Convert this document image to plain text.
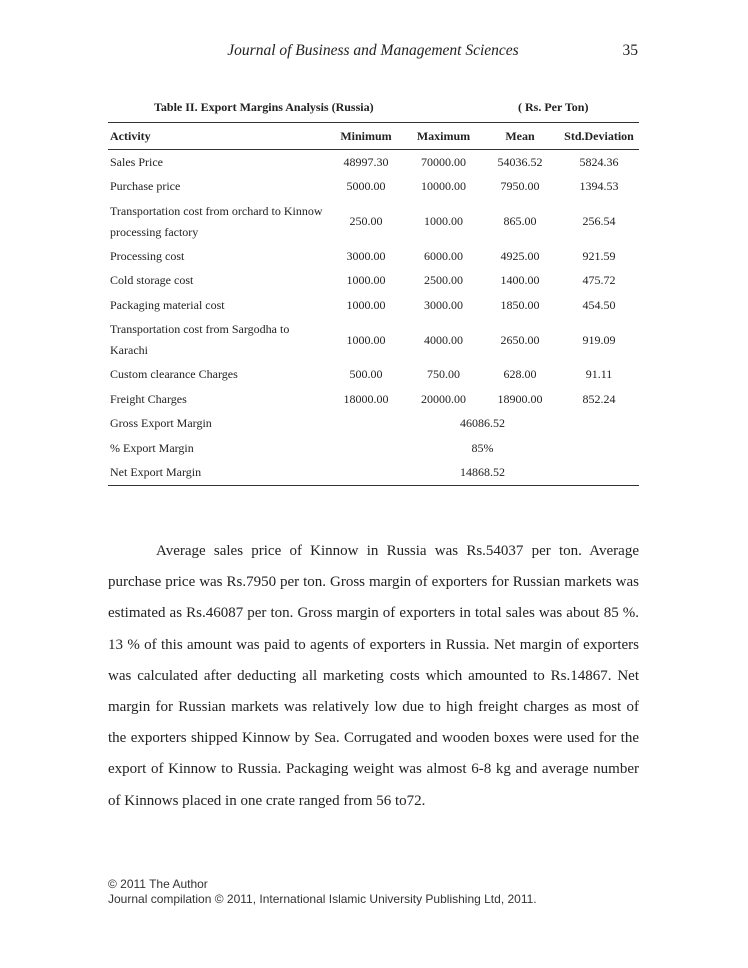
Journal of Business and Management Sciences	35
Table II. Export Margins Analysis (Russia)	( Rs. Per Ton)
Activity	Minimum	Maximum	Mean	Std.Deviation
Sales Price	48997.30	70000.00	54036.52	5824.36
Purchase price	5000.00	10000.00	7950.00	1394.53
Transportation cost from orchard to Kinnow processing factory	250.00	1000.00	865.00	256.54
Processing cost	3000.00	6000.00	4925.00	921.59
Cold storage cost	1000.00	2500.00	1400.00	475.72
Packaging material cost	1000.00	3000.00	1850.00	454.50
Transportation cost from Sargodha to Karachi	1000.00	4000.00	2650.00	919.09
Custom clearance Charges	500.00	750.00	628.00	91.11
Freight Charges	18000.00	20000.00	18900.00	852.24
Gross Export Margin	46086.52			
% Export Margin	85%			
Net Export Margin	14868.52			

Average sales price of Kinnow in Russia was Rs.54037 per ton. Average purchase price was Rs.7950 per ton. Gross margin of exporters for Russian markets was estimated as Rs.46087 per ton. Gross margin of exporters in total sales was about 85 %. 13 % of this amount was paid to agents of exporters in Russia. Net margin of exporters was calculated after deducting all marketing costs which amounted to Rs.14867. Net margin for Russian markets was relatively low due to high freight charges as most of the exporters shipped Kinnow by Sea. Corrugated and wooden boxes were used for the export of Kinnow to Russia. Packaging weight was almost 6-8 kg and average number of Kinnows placed in one crate ranged from 56 to72.

© 2011 The Author
Journal compilation © 2011, International Islamic University Publishing Ltd, 2011.
